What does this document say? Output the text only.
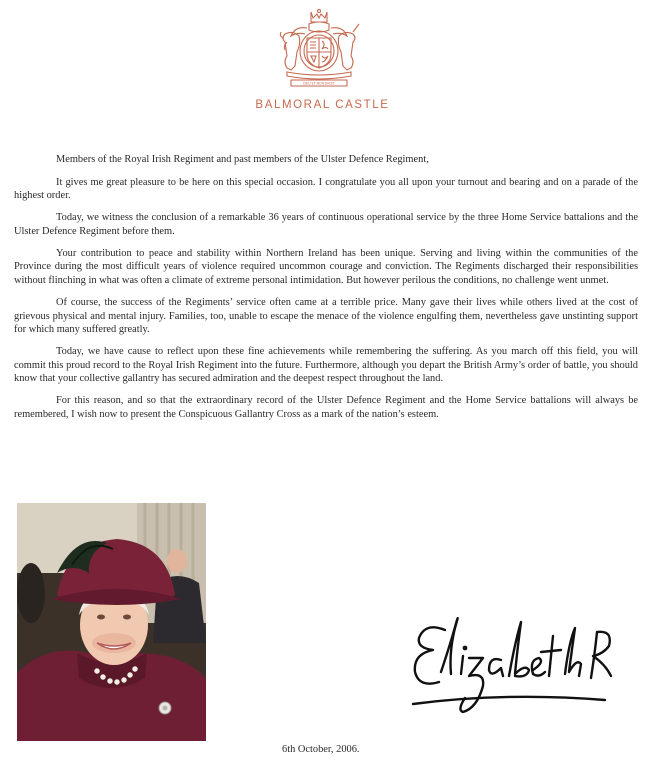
DIEU ET MON DROIT
BALMORAL CASTLE

Members of the Royal Irish Regiment and past members of the Ulster Defence Regiment,

It gives me great pleasure to be here on this special occasion. I congratulate you all upon your turnout and bearing and on a parade of the highest order.

Today, we witness the conclusion of a remarkable 36 years of continuous operational service by the three Home Service battalions and the Ulster Defence Regiment before them.

Your contribution to peace and stability within Northern Ireland has been unique. Serving and living within the communities of the Province during the most difficult years of violence required uncommon courage and conviction. The Regiments discharged their responsibilities without flinching in what was often a climate of extreme personal intimidation. But however perilous the conditions, no challenge went unmet.

Of course, the success of the Regiments’ service often came at a terrible price. Many gave their lives while others lived at the cost of grievous physical and mental injury. Families, too, unable to escape the menace of the violence engulfing them, nevertheless gave unstinting support for which many suffered greatly.

Today, we have cause to reflect upon these fine achievements while remembering the suffering. As you march off this field, you will commit this proud record to the Royal Irish Regiment into the future. Furthermore, although you depart the British Army’s order of battle, you should know that your collective gallantry has secured admiration and the deepest respect throughout the land.

For this reason, and so that the extraordinary record of the Ulster Defence Regiment and the Home Service battalions will always be remembered, I wish now to present the Conspicuous Gallantry Cross as a mark of the nation’s esteem.

6th October, 2006.
